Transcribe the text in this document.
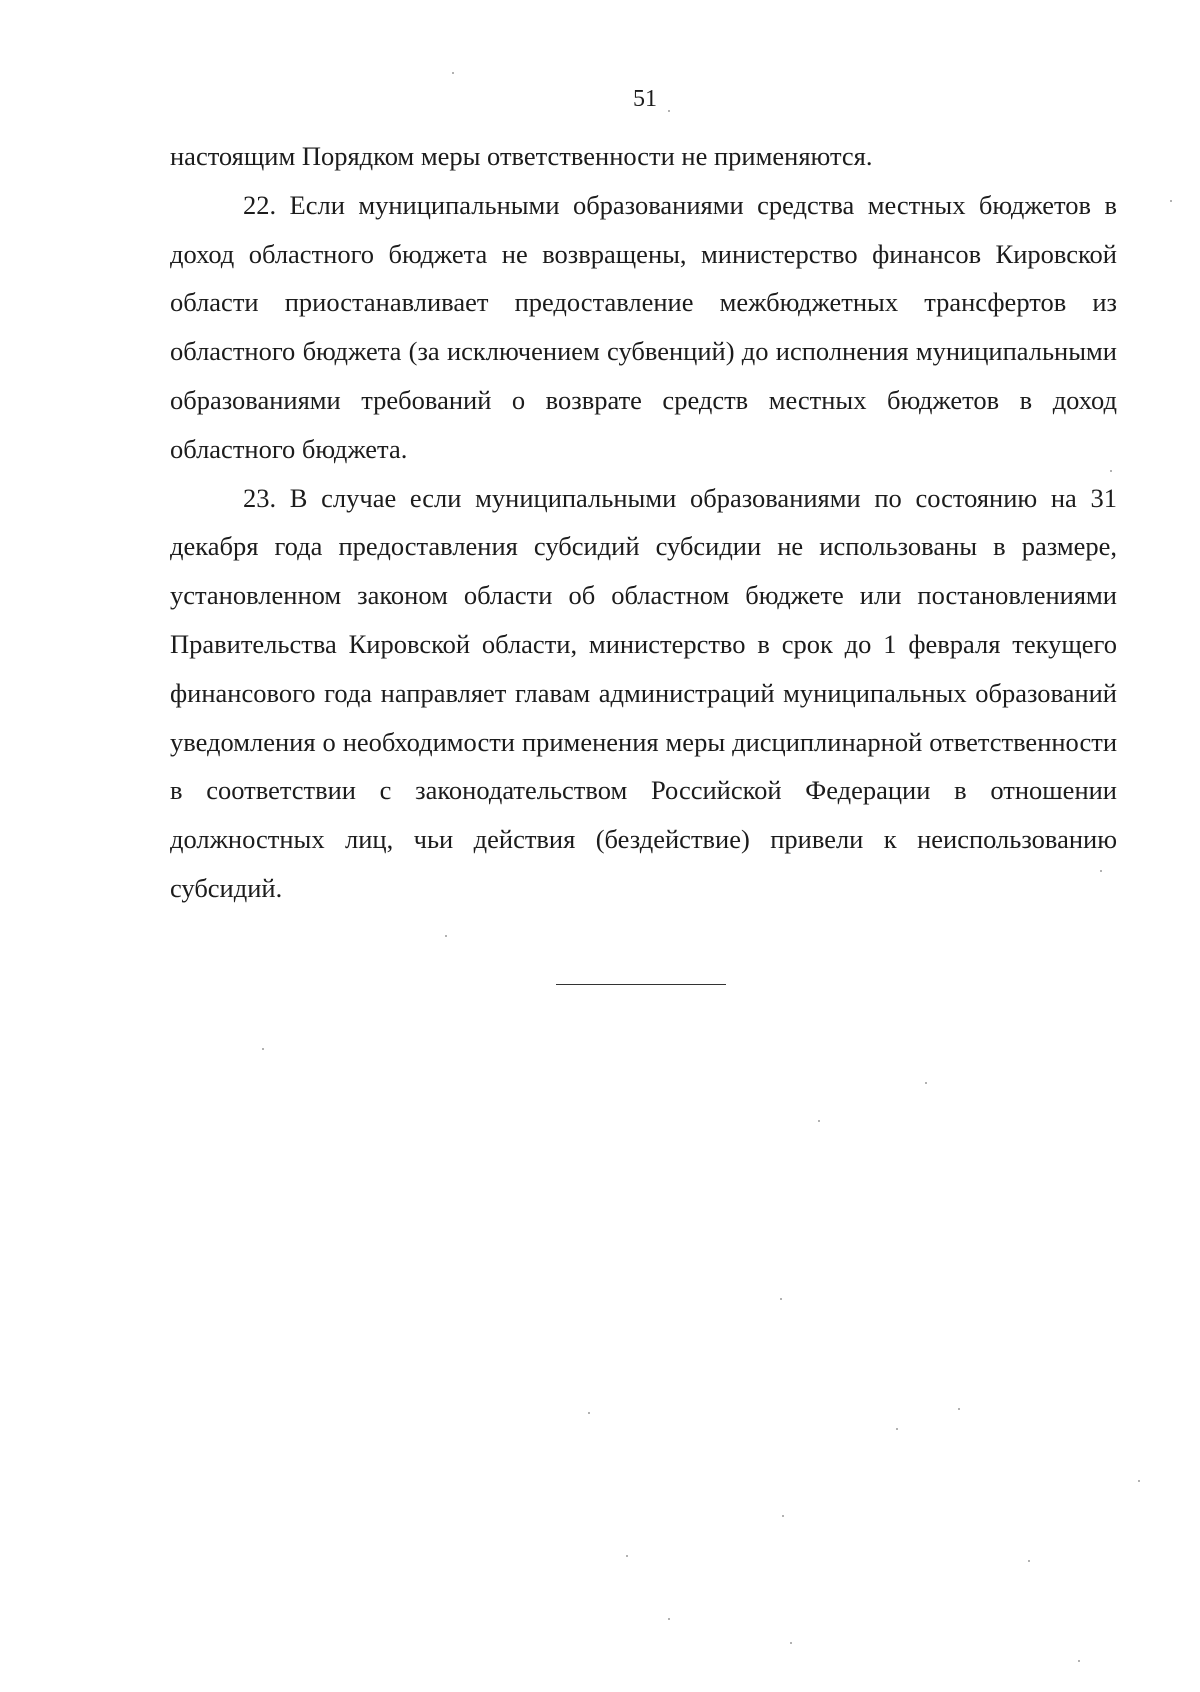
51

настоящим Порядком меры ответственности не применяются.

22. Если муниципальными образованиями средства местных бюджетов в доход областного бюджета не возвращены, министерство финансов Кировской области приостанавливает предоставление межбюджетных трансфертов из областного бюджета (за исключением субвенций) до исполнения муниципальными образованиями требований о возврате средств местных бюджетов в доход областного бюджета.

23. В случае если муниципальными образованиями по состоянию на 31 декабря года предоставления субсидий субсидии не использованы в размере, установленном законом области об областном бюджете или постановлениями Правительства Кировской области, министерство в срок до 1 февраля текущего финансового года направляет главам администраций муниципальных образований уведомления о необходимости применения меры дисциплинарной ответственности в соответствии с законодательством Российской Федерации в отношении должностных лиц, чьи действия (бездействие) привели к неиспользованию субсидий.
